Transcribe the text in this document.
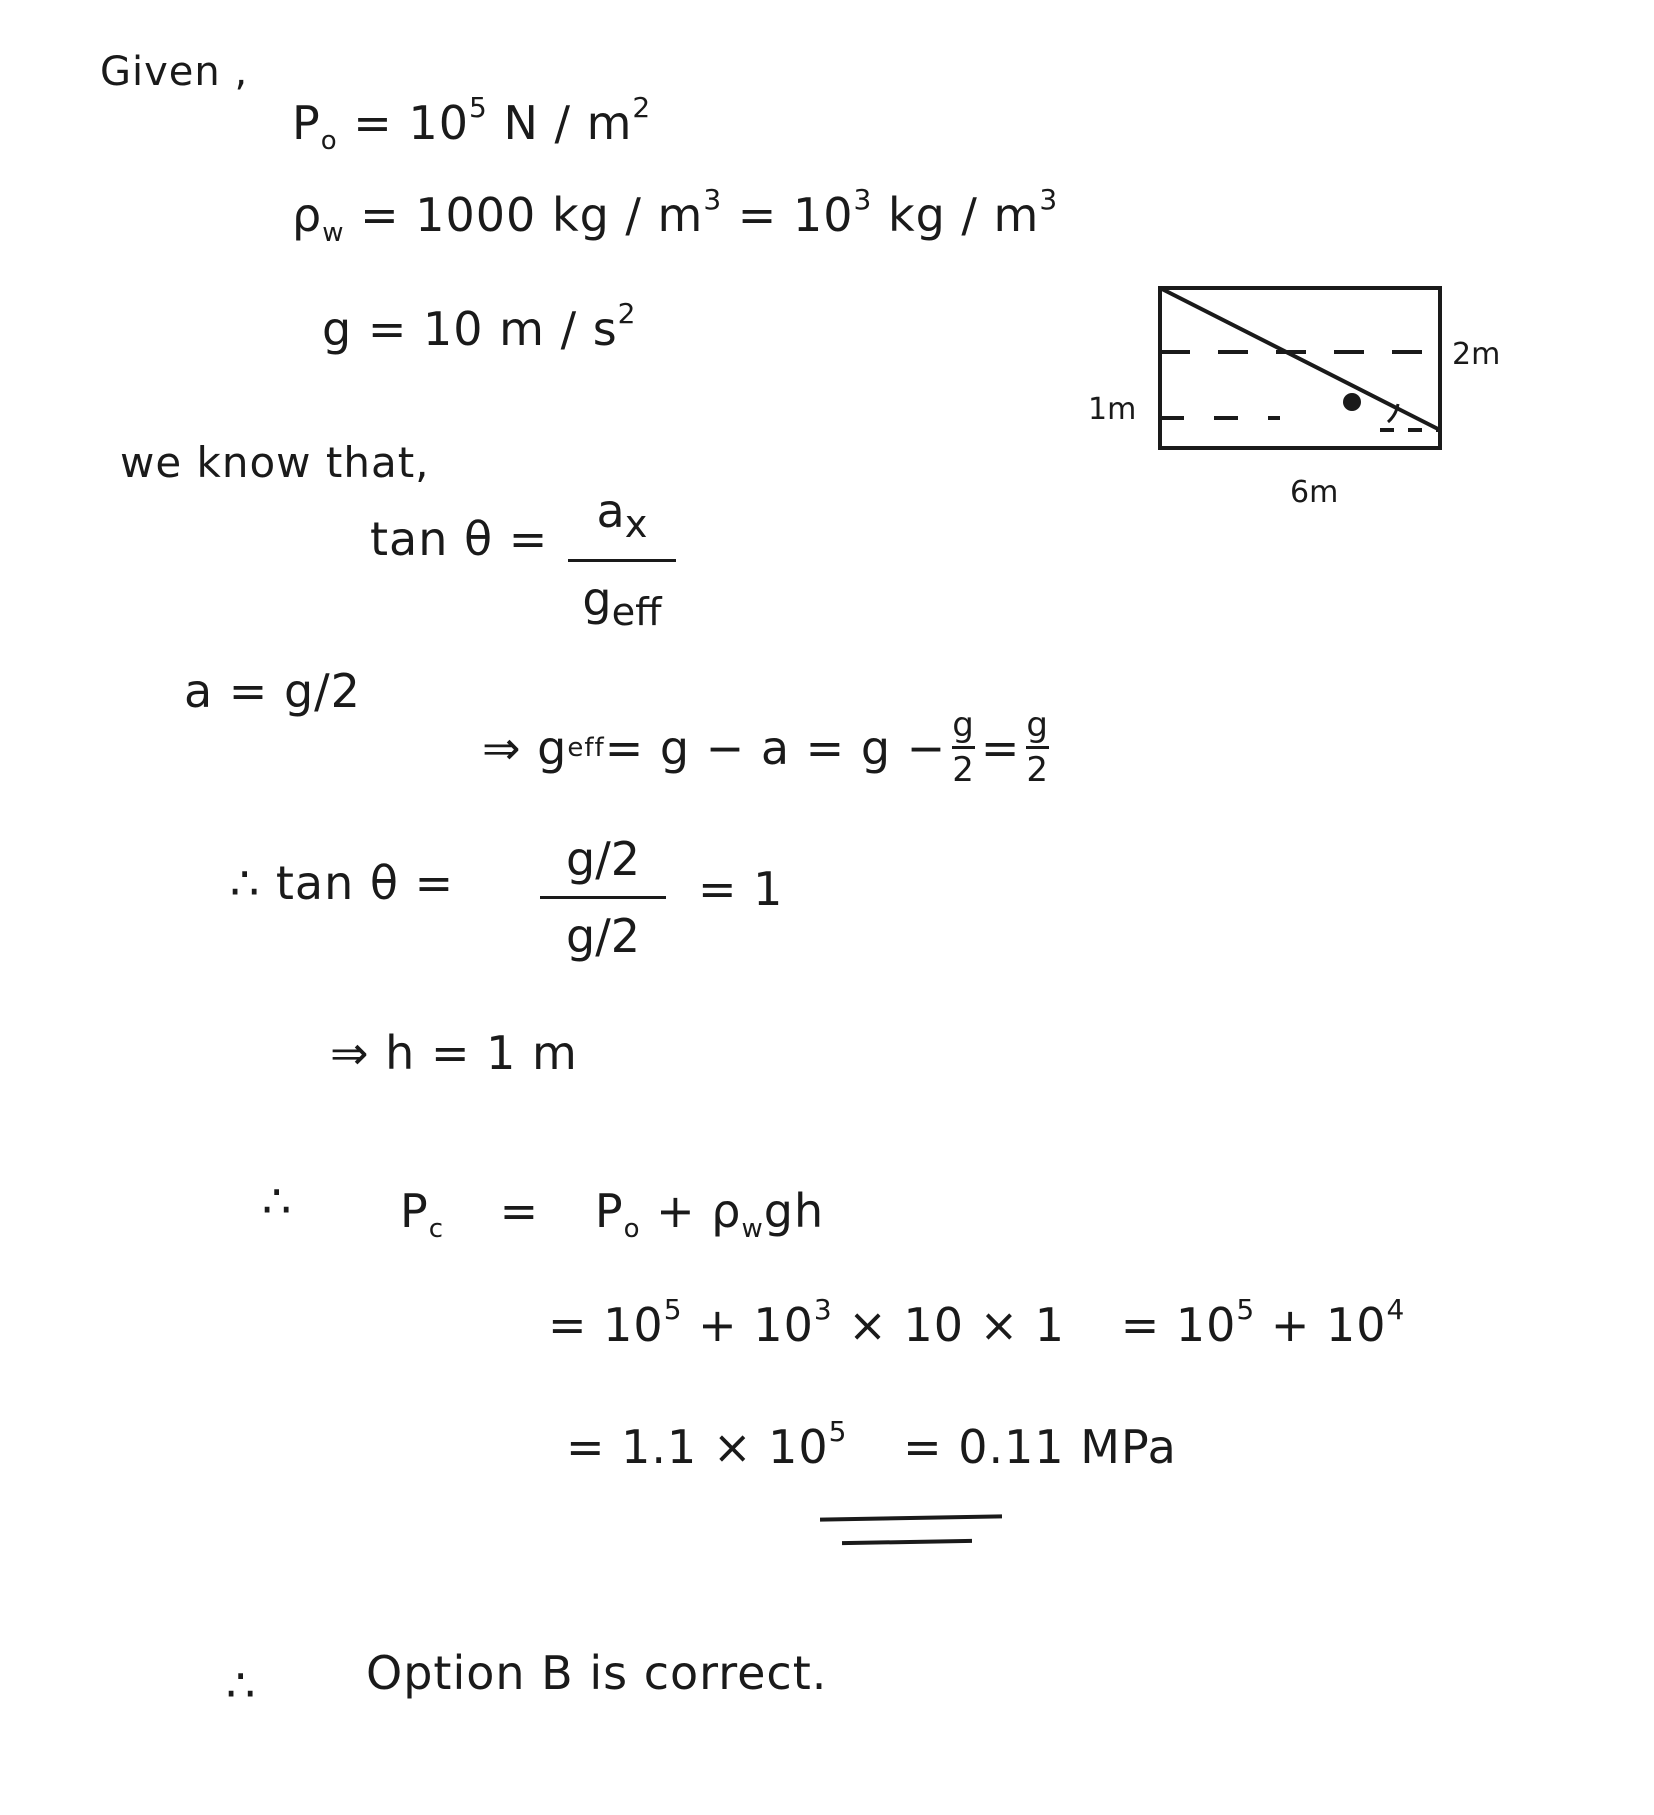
Given ,
$P_o = 10^5$ N / $m^2$
$\rho_w = 1000$ kg / $m^3 = 10^3$ kg / $m^3$
g = 10 m / $s^2$
1m
2m
6m
we know that,
tan θ =
$a_x$
$g_{eff}$
a = g/2
⇒ g eff = g − a = g − g
2 = g
2
∴ tan θ =	g/2
g/2
= 1
⇒ h = 1 m
∴ $P_c = P_o + \rho_wgh$
= $10^5 + 10^3 \times 10 \times 1 = 10^5 + 10^4$
= $1.1 \times 10^5 = 0.11$ MPa
∴ Option B is correct.
